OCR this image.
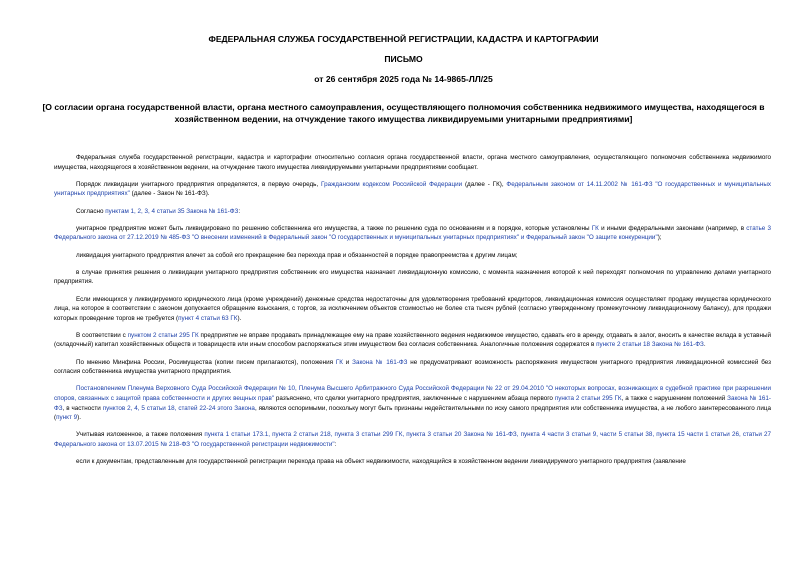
ФЕДЕРАЛЬНАЯ СЛУЖБА ГОСУДАРСТВЕННОЙ РЕГИСТРАЦИИ, КАДАСТРА И КАРТОГРАФИИ
ПИСЬМО
от 26 сентября 2025 года № 14-9865-ЛЛ/25
[О согласии органа государственной власти, органа местного самоуправления, осуществляющего полномочия собственника недвижимого имущества, находящегося в хозяйственном ведении, на отчуждение такого имущества ликвидируемыми унитарными предприятиями]

Федеральная служба государственной регистрации, кадастра и картографии относительно согласия органа государственной власти, органа местного самоуправления, осуществляющего полномочия собственника недвижимого имущества, находящегося в хозяйственном ведении, на отчуждение такого имущества ликвидируемыми унитарными предприятиями сообщает.

Порядок ликвидации унитарного предприятия определяется, в первую очередь, Гражданским кодексом Российской Федерации (далее - ГК), Федеральным законом от 14.11.2002 № 161-ФЗ "О государственных и муниципальных унитарных предприятиях" (далее - Закон № 161-ФЗ).

Согласно пунктам 1, 2, 3, 4 статьи 35 Закона № 161-ФЗ:

унитарное предприятие может быть ликвидировано по решению собственника его имущества, а также по решению суда по основаниям и в порядке, которые установлены ГК и иными федеральными законами (например, в статье 3 Федерального закона от 27.12.2019 № 485-ФЗ "О внесении изменений в Федеральный закон "О государственных и муниципальных унитарных предприятиях" и Федеральный закон "О защите конкуренции");

ликвидация унитарного предприятия влечет за собой его прекращение без перехода прав и обязанностей в порядке правопреемства к другим лицам;

в случае принятия решения о ликвидации унитарного предприятия собственник его имущества назначает ликвидационную комиссию, с момента назначения которой к ней переходят полномочия по управлению делами унитарного предприятия.

Если имеющихся у ликвидируемого юридического лица (кроме учреждений) денежные средства недостаточны для удовлетворения требований кредиторов, ликвидационная комиссия осуществляет продажу имущества юридического лица, на которое в соответствии с законом допускается обращение взыскания, с торгов, за исключением объектов стоимостью не более ста тысяч рублей (согласно утвержденному промежуточному ликвидационному балансу), для продажи которых проведение торгов не требуется (пункт 4 статьи 63 ГК).

В соответствии с пунктом 2 статьи 295 ГК предприятие не вправе продавать принадлежащее ему на праве хозяйственного ведения недвижимое имущество, сдавать его в аренду, отдавать в залог, вносить в качестве вклада в уставный (складочный) капитал хозяйственных обществ и товариществ или иным способом распоряжаться этим имуществом без согласия собственника. Аналогичные положения содержатся в пункте 2 статьи 18 Закона № 161-ФЗ.

По мнению Минфина России, Росимущества (копии писем прилагаются), положения ГК и Закона № 161-ФЗ не предусматривают возможность распоряжения имуществом унитарного предприятия ликвидационной комиссией без согласия собственника имущества унитарного предприятия.

Постановлением Пленума Верховного Суда Российской Федерации № 10, Пленума Высшего Арбитражного Суда Российской Федерации № 22 от 29.04.2010 "О некоторых вопросах, возникающих в судебной практике при разрешении споров, связанных с защитой права собственности и других вещных прав" разъяснено, что сделки унитарного предприятия, заключенные с нарушением абзаца первого пункта 2 статьи 295 ГК, а также с нарушением положений Закона № 161-ФЗ, в частности пунктов 2, 4, 5 статьи 18, статей 22-24 этого Закона, являются оспоримыми, поскольку могут быть признаны недействительными по иску самого предприятия или собственника имущества, а не любого заинтересованного лица (пункт 9).

Учитывая изложенное, а также положения пункта 1 статьи 173.1, пункта 2 статьи 218, пункта 3 статьи 299 ГК, пункта 3 статьи 20 Закона № 161-ФЗ, пункта 4 части 3 статьи 9, части 5 статьи 38, пункта 15 части 1 статьи 26, статьи 27 Федерального закона от 13.07.2015 № 218-ФЗ "О государственной регистрации недвижимости":

если к документам, представленным для государственной регистрации перехода права на объект недвижимости, находящийся в хозяйственном ведении ликвидируемого унитарного предприятия (заявление
